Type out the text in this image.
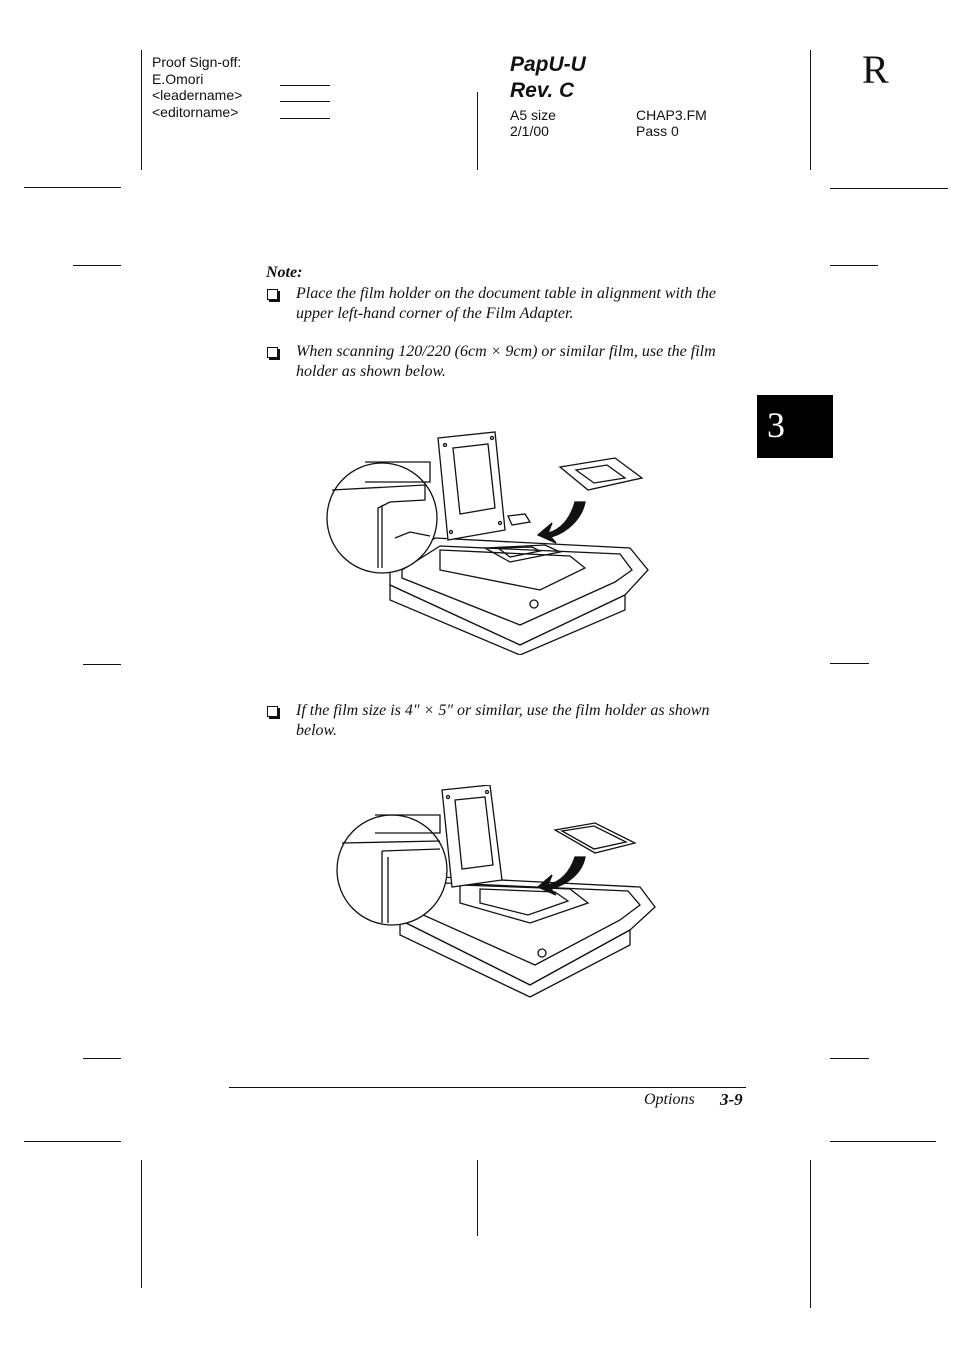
Proof Sign-off:
E.Omori
<leadername>
<editorname>
PapU-U
Rev. C
A5 size	CHAP3.FM
2/1/00	Pass 0
R
3
Note:
Place the film holder on the document table in alignment with the upper left-hand corner of the Film Adapter.
When scanning 120/220 (6cm × 9cm) or similar film, use the film holder as shown below.
If the film size is 4″ × 5″ or similar, use the film holder as shown below.
Options 3-9
